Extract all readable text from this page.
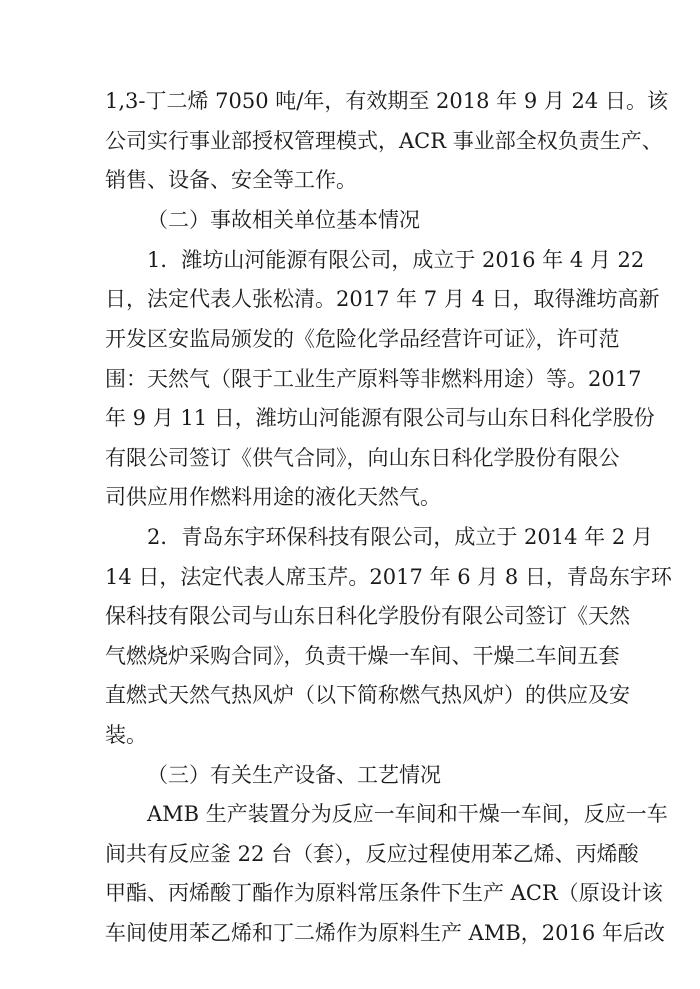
1,3-丁二烯 7050 吨/年，有效期至 2018 年 9 月 24 日。该
公司实行事业部授权管理模式，ACR 事业部全权负责生产、
销售、设备、安全等工作。
（二）事故相关单位基本情况
1．潍坊山河能源有限公司，成立于 2016 年 4 月 22
日，法定代表人张松清。2017 年 7 月 4 日，取得潍坊高新
开发区安监局颁发的《危险化学品经营许可证》，许可范
围：天然气（限于工业生产原料等非燃料用途）等。2017
年 9 月 11 日，潍坊山河能源有限公司与山东日科化学股份
有限公司签订《供气合同》，向山东日科化学股份有限公
司供应用作燃料用途的液化天然气。
2．青岛东宇环保科技有限公司，成立于 2014 年 2 月
14 日，法定代表人席玉芹。2017 年 6 月 8 日，青岛东宇环
保科技有限公司与山东日科化学股份有限公司签订《天然
气燃烧炉采购合同》，负责干燥一车间、干燥二车间五套
直燃式天然气热风炉（以下简称燃气热风炉）的供应及安
装。
（三）有关生产设备、工艺情况
AMB 生产装置分为反应一车间和干燥一车间，反应一车
间共有反应釜 22 台（套），反应过程使用苯乙烯、丙烯酸
甲酯、丙烯酸丁酯作为原料常压条件下生产 ACR（原设计该
车间使用苯乙烯和丁二烯作为原料生产 AMB，2016 年后改
